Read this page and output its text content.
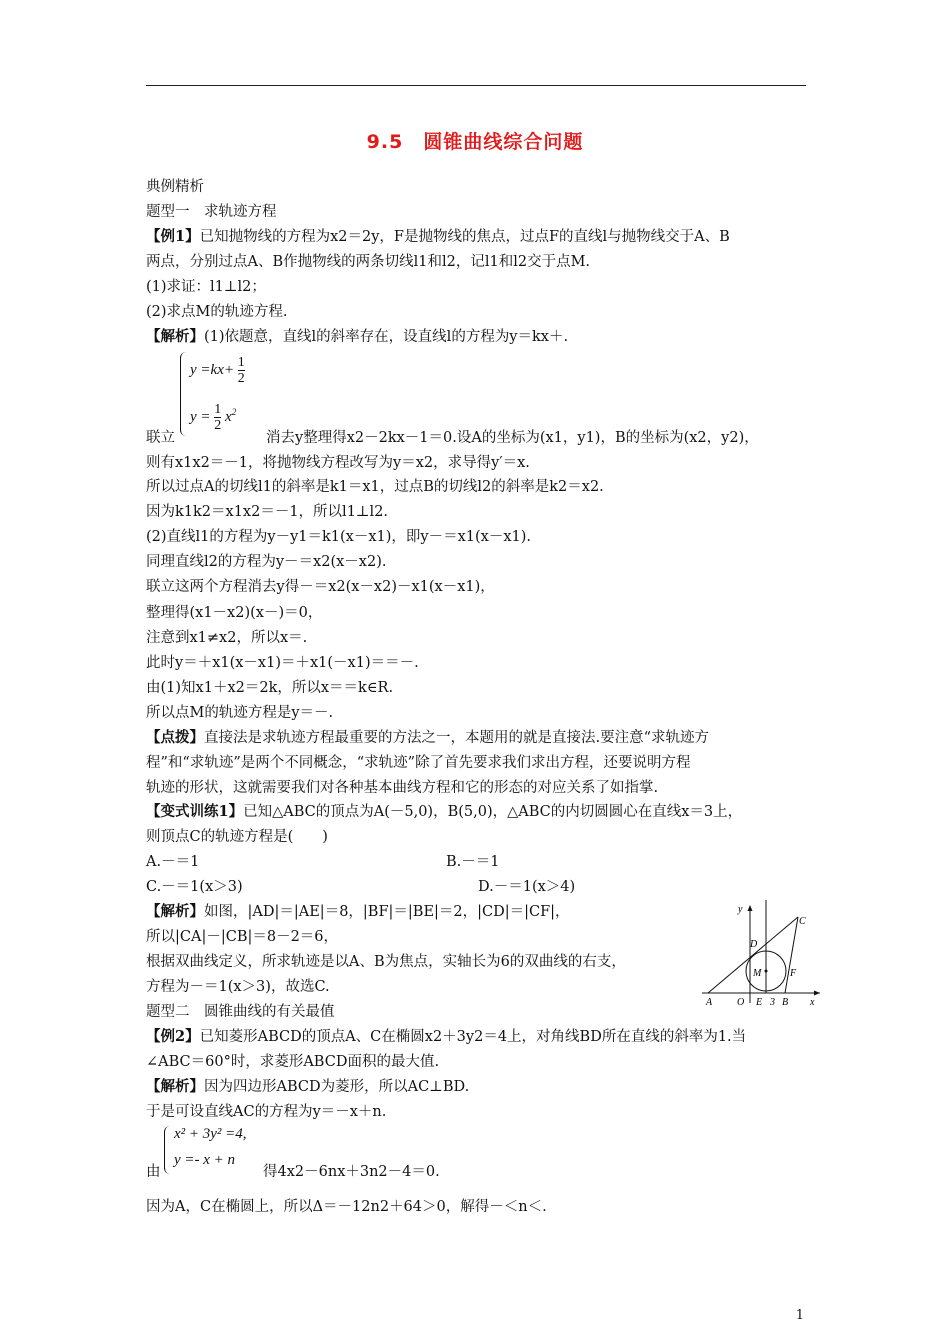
9.5　圆锥曲线综合问题
典例精析
题型一　求轨迹方程
【例1】已知抛物线的方程为x2＝2y，F是抛物线的焦点，过点F的直线l与抛物线交于A、B
两点，分别过点A、B作抛物线的两条切线l1和l2，记l1和l2交于点M.
(1)求证：l1⊥l2；
(2)求点M的轨迹方程.
【解析】(1)依题意，直线l的斜率存在，设直线l的方程为y＝kx＋.
$y =kx+ \frac{1}{2}$
$y = \frac{1}{2} x^2$
联立	消去y整理得x2－2kx－1＝0.设A的坐标为(x1，y1)，B的坐标为(x2，y2)，
则有x1x2＝－1，将抛物线方程改写为y＝x2，求导得y′＝x.
所以过点A的切线l1的斜率是k1＝x1，过点B的切线l2的斜率是k2＝x2.
因为k1k2＝x1x2＝－1，所以l1⊥l2.
(2)直线l1的方程为y－y1＝k1(x－x1)，即y－＝x1(x－x1).
同理直线l2的方程为y－＝x2(x－x2).
联立这两个方程消去y得－＝x2(x－x2)－x1(x－x1)，
整理得(x1－x2)(x－)＝0，
注意到x1≠x2，所以x＝.
此时y＝＋x1(x－x1)＝＋x1(－x1)＝＝－.
由(1)知x1＋x2＝2k，所以x＝＝k∈R.
所以点M的轨迹方程是y＝－.
【点拨】直接法是求轨迹方程最重要的方法之一，本题用的就是直接法.要注意“求轨迹方
程”和“求轨迹”是两个不同概念，“求轨迹”除了首先要求我们求出方程，还要说明方程
轨迹的形状，这就需要我们对各种基本曲线方程和它的形态的对应关系了如指掌.
【变式训练1】已知△ABC的顶点为A(－5,0)，B(5,0)，△ABC的内切圆圆心在直线x＝3上，
则顶点C的轨迹方程是(　　)
A.－＝1	B.－＝1
C.－＝1(x＞3)	D.－＝1(x＞4)
【解析】如图，|AD|＝|AE|＝8，|BF|＝|BE|＝2，|CD|＝|CF|，
所以|CA|－|CB|＝8－2＝6，
根据双曲线定义，所求轨迹是以A、B为焦点，实轴长为6的双曲线的右支，
方程为－＝1(x＞3)，故选C.
y
C
D
M	F
A O E 3 B x
题型二　圆锥曲线的有关最值
【例2】已知菱形ABCD的顶点A、C在椭圆x2＋3y2＝4上，对角线BD所在直线的斜率为1.当
∠ABC＝60°时，求菱形ABCD面积的最大值.
【解析】因为四边形ABCD为菱形，所以AC⊥BD.
于是可设直线AC的方程为y＝－x＋n.
x² + 3y² =4,
y =- x + n
由	得4x2－6nx＋3n2－4＝0.
因为A，C在椭圆上，所以Δ＝－12n2＋64＞0，解得－＜n＜.
1
